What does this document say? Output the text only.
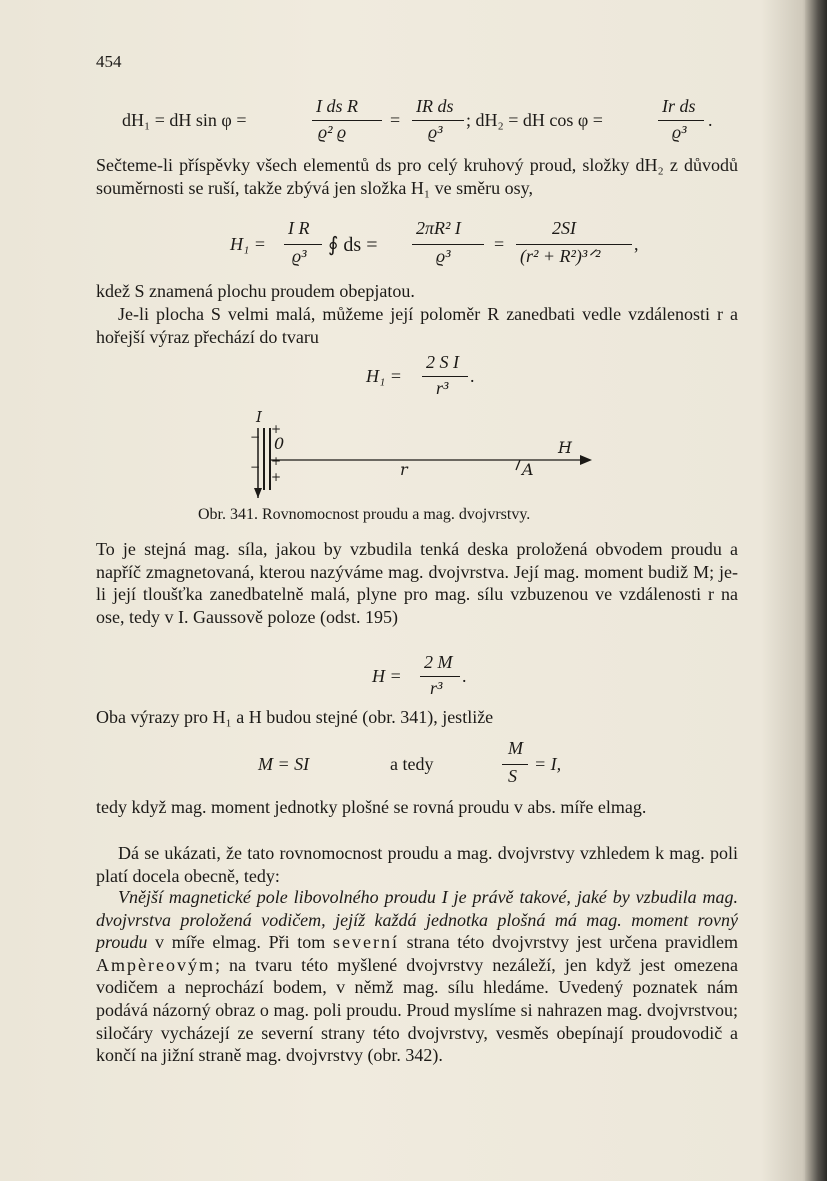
454
dH₁ = dH sin φ =
I ds R
ϱ² ϱ
=
IR ds
ϱ³
; dH₂ = dH cos φ =
Ir ds
ϱ³
.
Sečteme-li příspěvky všech elementů ds pro celý kruhový proud, složky dH₂ z důvodů souměrnosti se ruší, takže zbývá jen složka H₁ ve směru osy,
H₁ =
I R
ϱ³ ∮ ds =
2πR² I
ϱ³
=
2SI
(r² + R²)³ᐟ²
,
kdež S znamená plochu proudem obepjatou.
Je-li plocha S velmi malá, můžeme její poloměr R zanedbati vedle vzdálenosti r a hořejší výraz přechází do tvaru
H₁ =
2 S I
r³
.
I
0
+
+
+
−
−	r	A
H
Obr. 341. Rovnomocnost proudu a mag. dvojvrstvy.
To je stejná mag. síla, jakou by vzbudila tenká deska proložená obvodem proudu a napříč zmagnetovaná, kterou nazýváme mag. dvojvrstva. Její mag. moment budiž M; je-li její tloušťka zanedbatelně malá, plyne pro mag. sílu vzbuzenou ve vzdálenosti r na ose, tedy v I. Gaussově poloze (odst. 195)
H =
2 M
r³
.
Oba výrazy pro H₁ a H budou stejné (obr. 341), jestliže
M = SI	a tedy
M
S
= I,
tedy když mag. moment jednotky plošné se rovná proudu v abs. míře elmag.
Dá se ukázati, že tato rovnomocnost proudu a mag. dvojvrstvy vzhledem k mag. poli platí docela obecně, tedy:
Vnější magnetické pole libovolného proudu I je právě takové, jaké by vzbudila mag. dvojvrstva proložená vodičem, jejíž každá jednotka plošná má mag. moment rovný proudu v míře elmag. Při tom severní strana této dvojvrstvy jest určena pravidlem Ampèreovým; na tvaru této myšlené dvojvrstvy nezáleží, jen když jest omezena vodičem a neprochází bodem, v němž mag. sílu hledáme. Uvedený poznatek nám podává názorný obraz o mag. poli proudu. Proud myslíme si nahrazen mag. dvojvrstvou; siločáry vycházejí ze severní strany této dvojvrstvy, vesměs obepínají proudovodič a končí na jižní straně mag. dvojvrstvy (obr. 342).
